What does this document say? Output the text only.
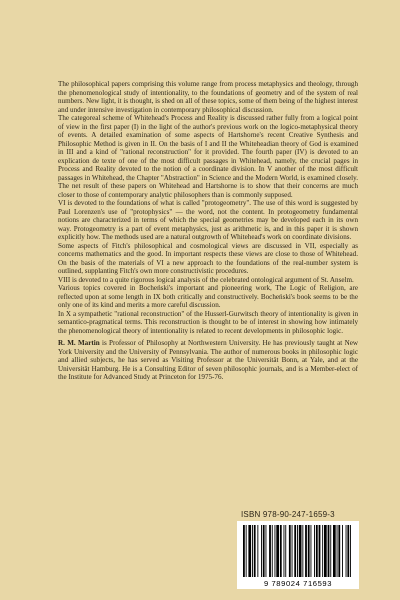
The philosophical papers comprising this volume range from process metaphysics and theology, through the phenomenological study of intentionality, to the foundations of geometry and of the system of real numbers. New light, it is thought, is shed on all of these topics, some of them being of the highest interest and under intensive investigation in contemporary philosophical discussion.

The categoreal scheme of Whitehead's Process and Reality is discussed rather fully from a logical point of view in the first paper (I) in the light of the author's previous work on the logico-metaphysical theory of events. A detailed examination of some aspects of Hartshorne's recent Creative Synthesis and Philosophic Method is given in II. On the basis of I and II the Whiteheadian theory of God is examined in III and a kind of "rational reconstruction" for it provided. The fourth paper (IV) is devoted to an explication de texte of one of the most difficult passages in Whitehead, namely, the crucial pages in Process and Reality devoted to the notion of a coordinate division. In V another of the most difficult passages in Whitehead, the Chapter "Abstraction" in Science and the Modern World, is examined closely. The net result of these papers on Whitehead and Hartshorne is to show that their concerns are much closer to those of contemporary analytic philosophers than is commonly supposed.

VI is devoted to the foundations of what is called "protogeometry". The use of this word is suggested by Paul Lorenzen's use of "protophysics" — the word, not the content. In protogeometry fundamental notions are characterized in terms of which the special geometries may be developed each in its own way. Protogeometry is a part of event metaphysics, just as arithmetic is, and in this paper it is shown explicitly how. The methods used are a natural outgrowth of Whitehead's work on coordinate divisions.

Some aspects of Fitch's philosophical and cosmological views are discussed in VII, especially as concerns mathematics and the good. In important respects these views are close to those of Whitehead. On the basis of the materials of VI a new approach to the foundations of the real-number system is outlined, supplanting Fitch's own more constructivistic procedures.

VIII is devoted to a quite rigorous logical analysis of the celebrated ontological argument of St. Anselm.

Various topics covered in Bocheński's important and pioneering work, The Logic of Religion, are reflected upon at some length in IX both critically and constructively. Bocheński's book seems to be the only one of its kind and merits a more careful discussion.

In X a sympathetic "rational reconstruction" of the Husserl-Gurwitsch theory of intentionality is given in semantico-pragmatical terms. This reconstruction is thought to be of interest in showing how intimately the phenomenological theory of intentionality is related to recent developments in philosophic logic.

R. M. Martin is Professor of Philosophy at Northwestern University. He has previously taught at New York University and the University of Pennsylvania. The author of numerous books in philosophic logic and allied subjects, he has served as Visiting Professor at the Universität Bonn, at Yale, and at the Universität Hamburg. He is a Consulting Editor of seven philosophic journals, and is a Member-elect of the Institute for Advanced Study at Princeton for 1975-76.

ISBN 978-90-247-1659-3
9 789024 716593
